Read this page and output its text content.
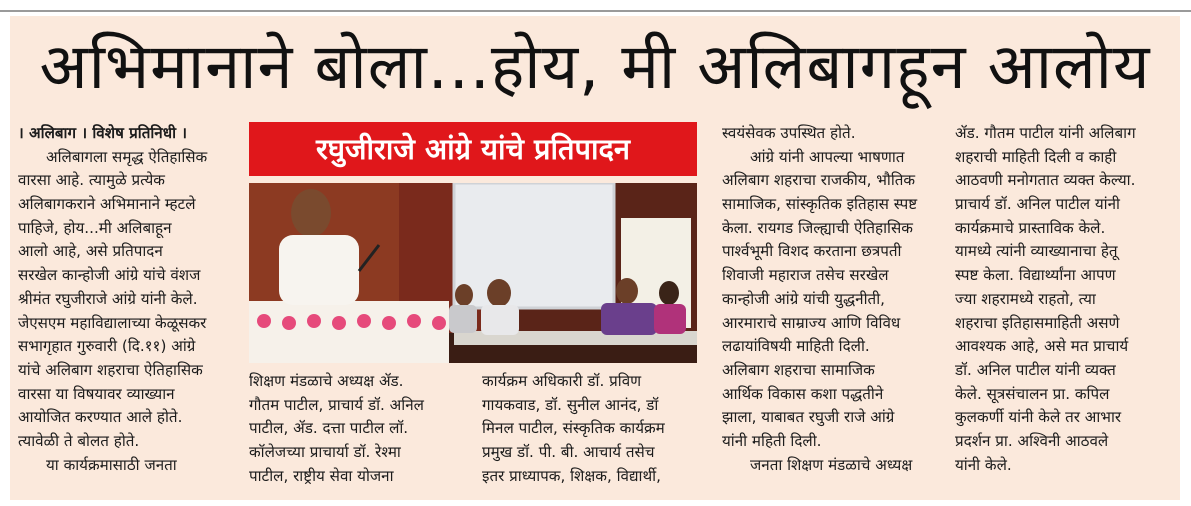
अभिमानाने बोला...होय, मी अलिबागहून आलोय
रघुजीराजे आंग्रे यांचे प्रतिपादन
। अलिबाग । विशेष प्रतिनिधी ।
अलिबागला समृद्ध ऐतिहासिक
वारसा आहे. त्यामुळे प्रत्येक
अलिबागकराने अभिमानाने म्हटले
पाहिजे, होय...मी अलिबाहून
आलो आहे, असे प्रतिपादन
सरखेल कान्होजी आंग्रे यांचे वंशज
श्रीमंत रघुजीराजे आंग्रे यांनी केले.
जेएसएम महाविद्यालाच्या केळूसकर
सभागृहात गुरुवारी (दि.११) आंग्रे
यांचे अलिबाग शहराचा ऐतिहासिक
वारसा या विषयावर व्याख्यान
आयोजित करण्यात आले होते.
त्यावेळी ते बोलत होते.
या कार्यक्रमासाठी जनता
शिक्षण मंडळाचे अध्यक्ष ॲड.
गौतम पाटील, प्राचार्य डॉ. अनिल
पाटील, ॲड. दत्ता पाटील लॉ.
कॉलेजच्या प्राचार्या डॉ. रेश्मा
पाटील, राष्ट्रीय सेवा योजना
कार्यक्रम अधिकारी डॉ. प्रविण
गायकवाड, डॉ. सुनील आनंद, डॉ
मिनल पाटील, संस्कृतिक कार्यक्रम
प्रमुख डॉ. पी. बी. आचार्य तसेच
इतर प्राध्यापक, शिक्षक, विद्यार्थी,
स्वयंसेवक उपस्थित होते.
आंग्रे यांनी आपल्या भाषणात
अलिबाग शहराचा राजकीय, भौतिक
सामाजिक, सांस्कृतिक इतिहास स्पष्ट
केला. रायगड जिल्ह्याची ऐतिहासिक
पार्श्वभूमी विशद करताना छत्रपती
शिवाजी महाराज तसेच सरखेल
कान्होजी आंग्रे यांची युद्धनीती,
आरमाराचे साम्राज्य आणि विविध
लढायांविषयी माहिती दिली.
अलिबाग शहराचा सामाजिक
आर्थिक विकास कशा पद्धतीने
झाला, याबाबत रघुजी राजे आंग्रे
यांनी महिती दिली.
जनता शिक्षण मंडळाचे अध्यक्ष
ॲड. गौतम पाटील यांनी अलिबाग
शहराची माहिती दिली व काही
आठवणी मनोगतात व्यक्त केल्या.
प्राचार्य डॉ. अनिल पाटील यांनी
कार्यक्रमाचे प्रास्ताविक केले.
यामध्ये त्यांनी व्याख्यानाचा हेतू
स्पष्ट केला. विद्यार्थ्यांना आपण
ज्या शहरामध्ये राहतो, त्या
शहराचा इतिहासमाहिती असणे
आवश्यक आहे, असे मत प्राचार्य
डॉ. अनिल पाटील यांनी व्यक्त
केले. सूत्रसंचालन प्रा. कपिल
कुलकर्णी यांनी केले तर आभार
प्रदर्शन प्रा. अश्विनी आठवले
यांनी केले.
